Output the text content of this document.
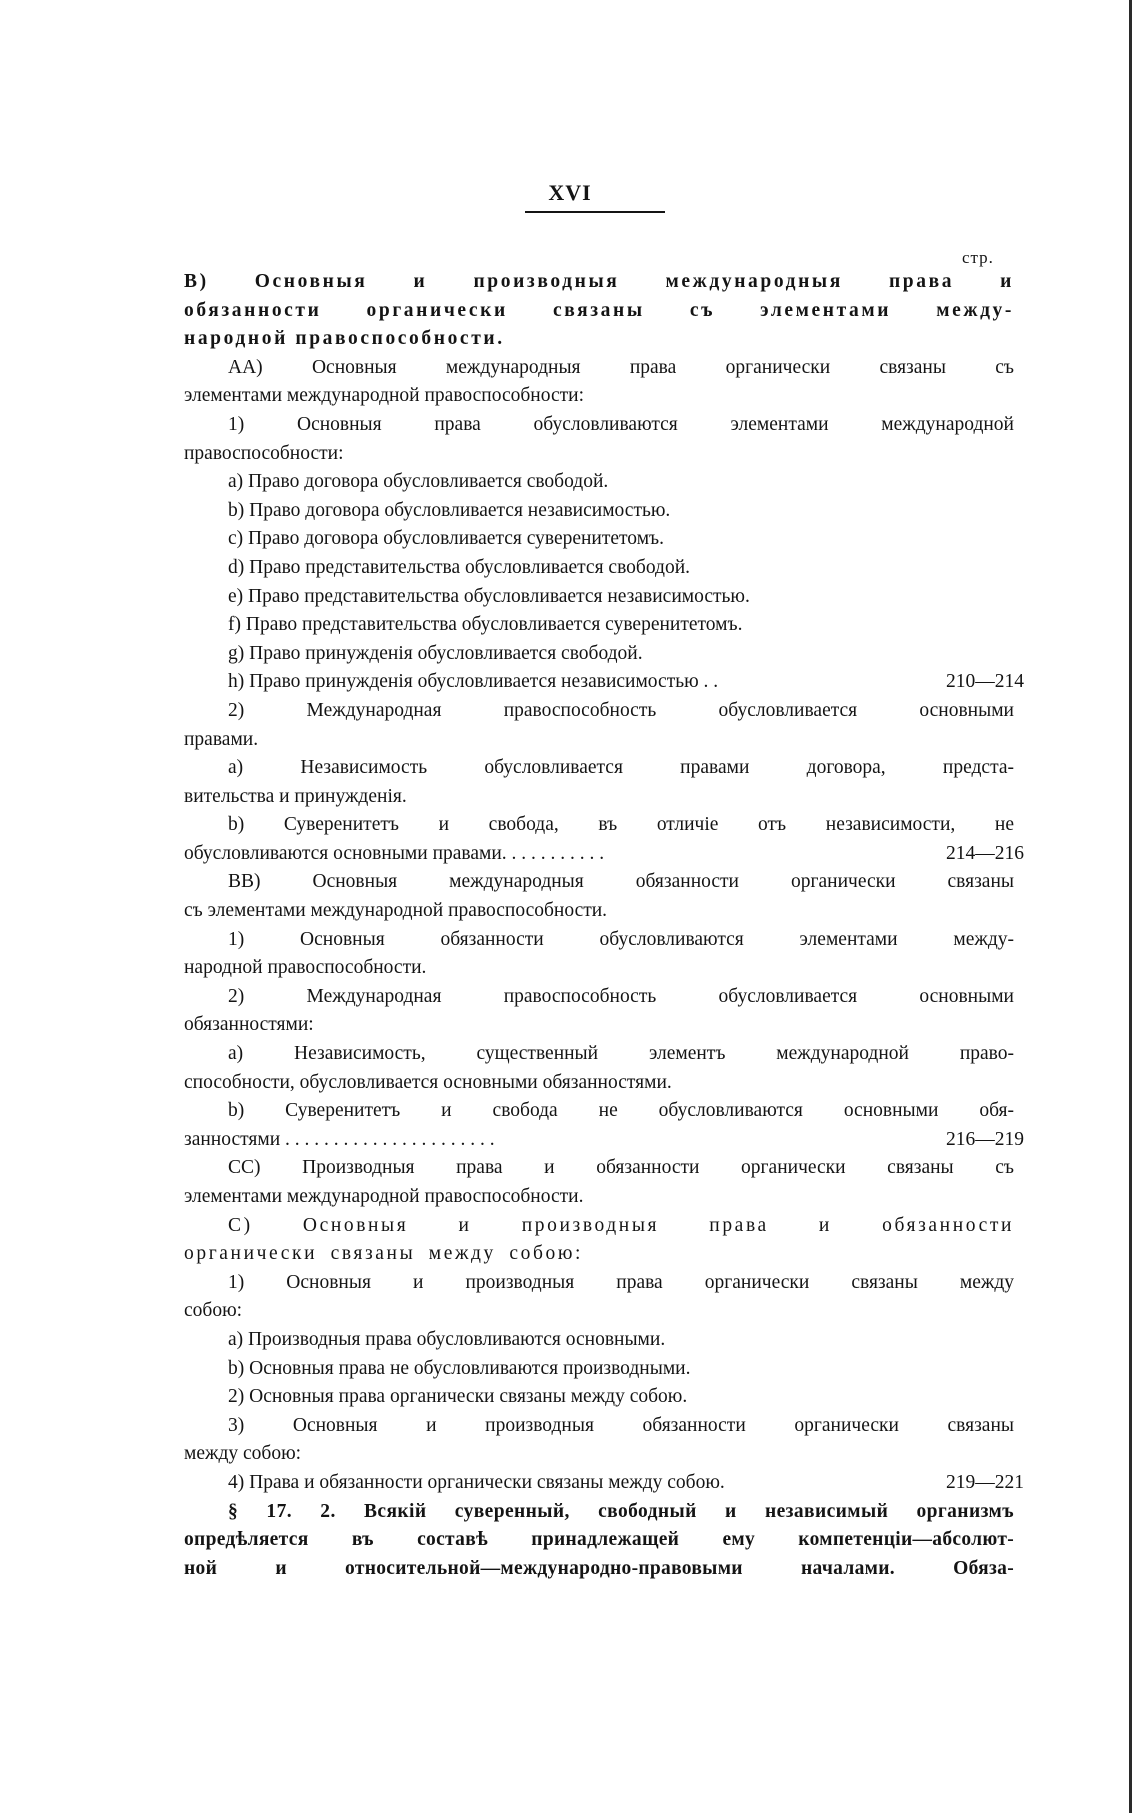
XVI
стр.
В) Основныя и производныя международныя права и
обязанности органически связаны съ элементами между-
народной правоспособности.
АА) Основныя международныя права органически связаны съ
элементами международной правоспособности:
1) Основныя права обусловливаются элементами международной
правоспособности:
a) Право договора обусловливается свободой.
b) Право договора обусловливается независимостью.
c) Право договора обусловливается суверенитетомъ.
d) Право представительства обусловливается свободой.
e) Право представительства обусловливается независимостью.
f) Право представительства обусловливается суверенитетомъ.
g) Право принужденія обусловливается свободой.
h) Право принужденія обусловливается независимостью . .	210—214
2) Международная правоспособность обусловливается основными
правами.
a) Независимость обусловливается правами договора, предста-
вительства и принужденія.
b) Суверенитетъ и свобода, въ отличіе отъ независимости, не
обусловливаются основными правами. . . . . . . . . . .	214—216
BB) Основныя международныя обязанности органически связаны
съ элементами международной правоспособности.
1) Основныя обязанности обусловливаются элементами между-
народной правоспособности.
2) Международная правоспособность обусловливается основными
обязанностями:
a) Независимость, существенный элементъ международной право-
способности, обусловливается основными обязанностями.
b) Суверенитетъ и свобода не обусловливаются основными обя-
занностями . . . . . . . . . . . . . . . . . . . . . .	216—219
CC) Производныя права и обязанности органически связаны съ
элементами международной правоспособности.
C) Основныя и производныя права и обязанности
органически связаны между собою:
1) Основныя и производныя права органически связаны между
собою:
a) Производныя права обусловливаются основными.
b) Основныя права не обусловливаются производными.
2) Основныя права органически связаны между собою.
3) Основныя и производныя обязанности органически связаны
между собою:
4) Права и обязанности органически связаны между собою.	219—221
§ 17. 2. Всякій суверенный, свободный и независимый организмъ
опредѣляется въ составѣ принадлежащей ему компетенціи—абсолют-
ной и относительной—международно-правовыми началами. Обяза-
